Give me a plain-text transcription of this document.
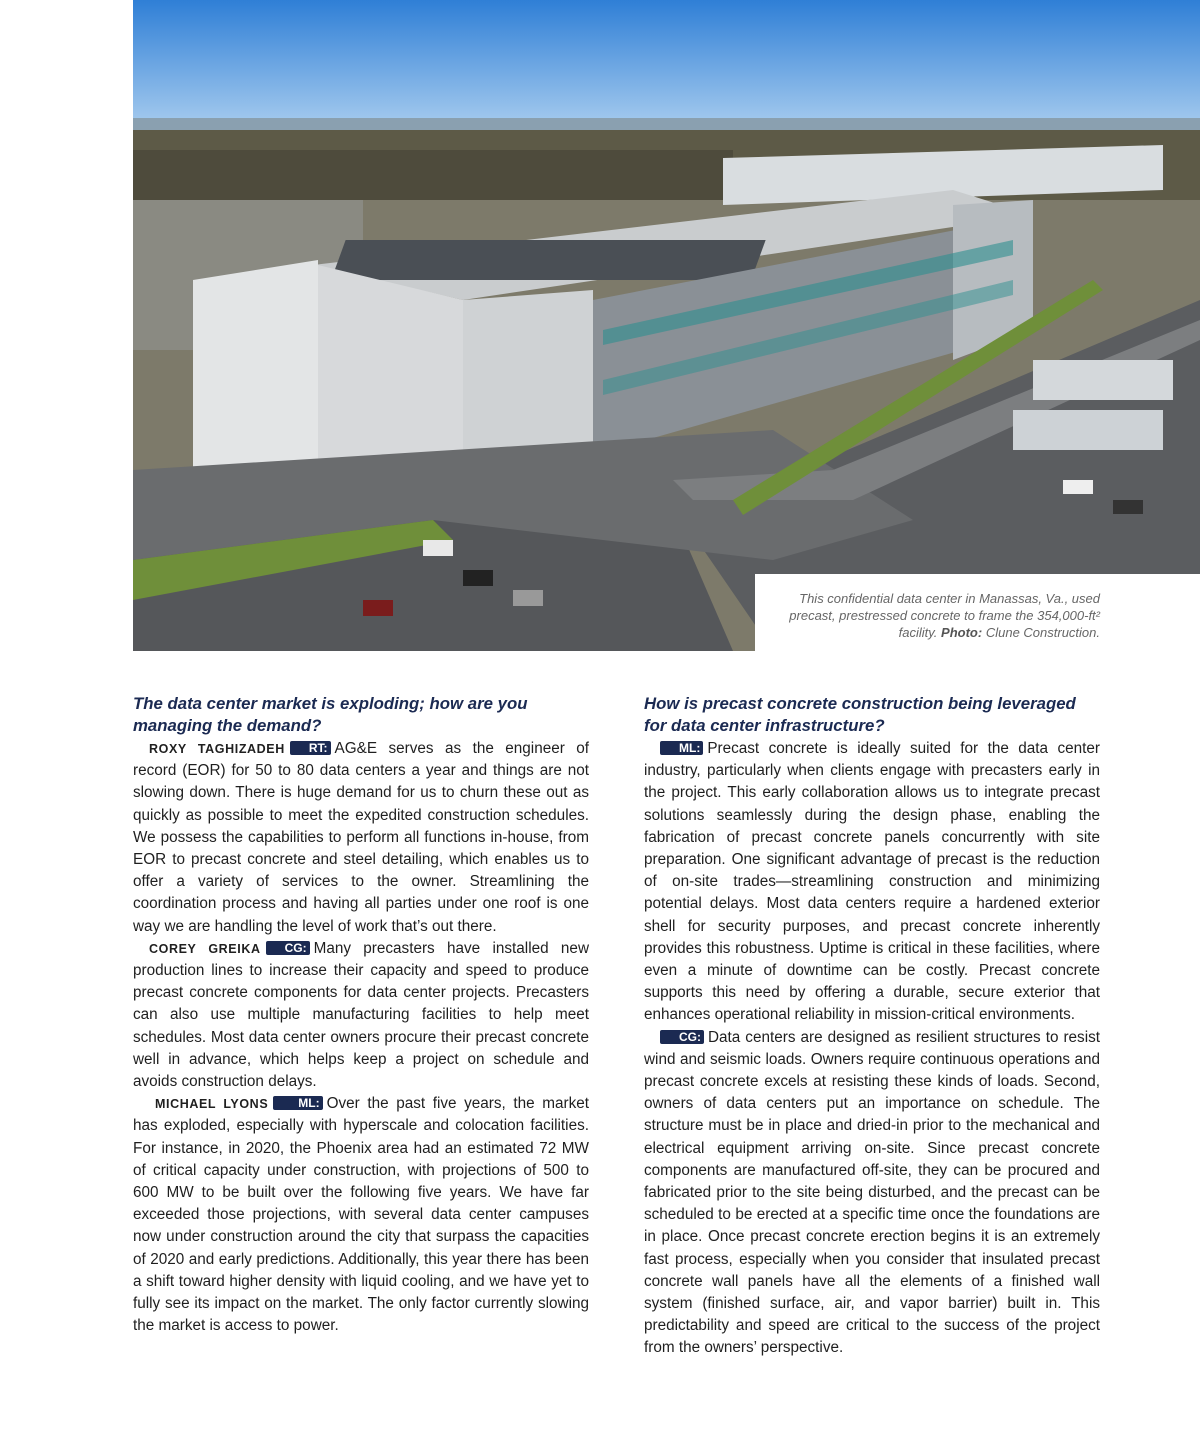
This confidential data center in Manassas, Va., used precast, prestressed concrete to frame the 354,000-ft² facility. Photo: Clune Construction.
The data center market is exploding; how are you managing the demand?

ROXY TAGHIZADEH RT: AG&E serves as the engineer of record (EOR) for 50 to 80 data centers a year and things are not slowing down. There is huge demand for us to churn these out as quickly as possible to meet the expedited construction schedules. We possess the capabilities to perform all functions in-house, from EOR to precast concrete and steel detailing, which enables us to offer a variety of services to the owner. Streamlining the coordination process and having all parties under one roof is one way we are handling the level of work that’s out there.

COREY GREIKA CG: Many precasters have installed new production lines to increase their capacity and speed to produce precast concrete components for data center projects. Precasters can also use multiple manufacturing facilities to help meet schedules. Most data center owners procure their precast concrete well in advance, which helps keep a project on schedule and avoids construction delays.

MICHAEL LYONS	ML: Over the past five years, the market has exploded, especially with hyperscale and colocation facilities. For instance, in 2020, the Phoenix area had an estimated 72 MW of critical capacity under construction, with projections of 500 to 600 MW to be built over the following five years. We have far exceeded those projections, with several data center campuses now under construction around the city that surpass the capacities of 2020 and early predictions. Additionally, this year there has been a shift toward higher density with liquid cooling, and we have yet to fully see its impact on the market. The only factor currently slowing the market is access to power.

How is precast concrete construction being leveraged for data center infrastructure?

ML: Precast concrete is ideally suited for the data center industry, particularly when clients engage with precasters early in the project. This early collaboration allows us to integrate precast solutions seamlessly during the design phase, enabling the fabrication of precast concrete panels concurrently with site preparation. One significant advantage of precast is the reduction of on-site trades—streamlining construction and minimizing potential delays. Most data centers require a hardened exterior shell for security purposes, and precast concrete inherently provides this robustness. Uptime is critical in these facilities, where even a minute of downtime can be costly. Precast concrete supports this need by offering a durable, secure exterior that enhances operational reliability in mission-critical environments.

CG: Data centers are designed as resilient structures to resist wind and seismic loads. Owners require continuous operations and precast concrete excels at resisting these kinds of loads. Second, owners of data centers put an importance on schedule. The structure must be in place and dried-in prior to the mechanical and electrical equipment arriving on-site. Since precast concrete components are manufactured off-site, they can be procured and fabricated prior to the site being disturbed, and the precast can be scheduled to be erected at a specific time once the foundations are in place. Once precast concrete erection begins it is an extremely fast process, especially when you consider that insulated precast concrete wall panels have all the elements of a finished wall system (finished surface, air, and vapor barrier) built in. This predictability and speed are critical to the success of the project from the owners’ perspective.
